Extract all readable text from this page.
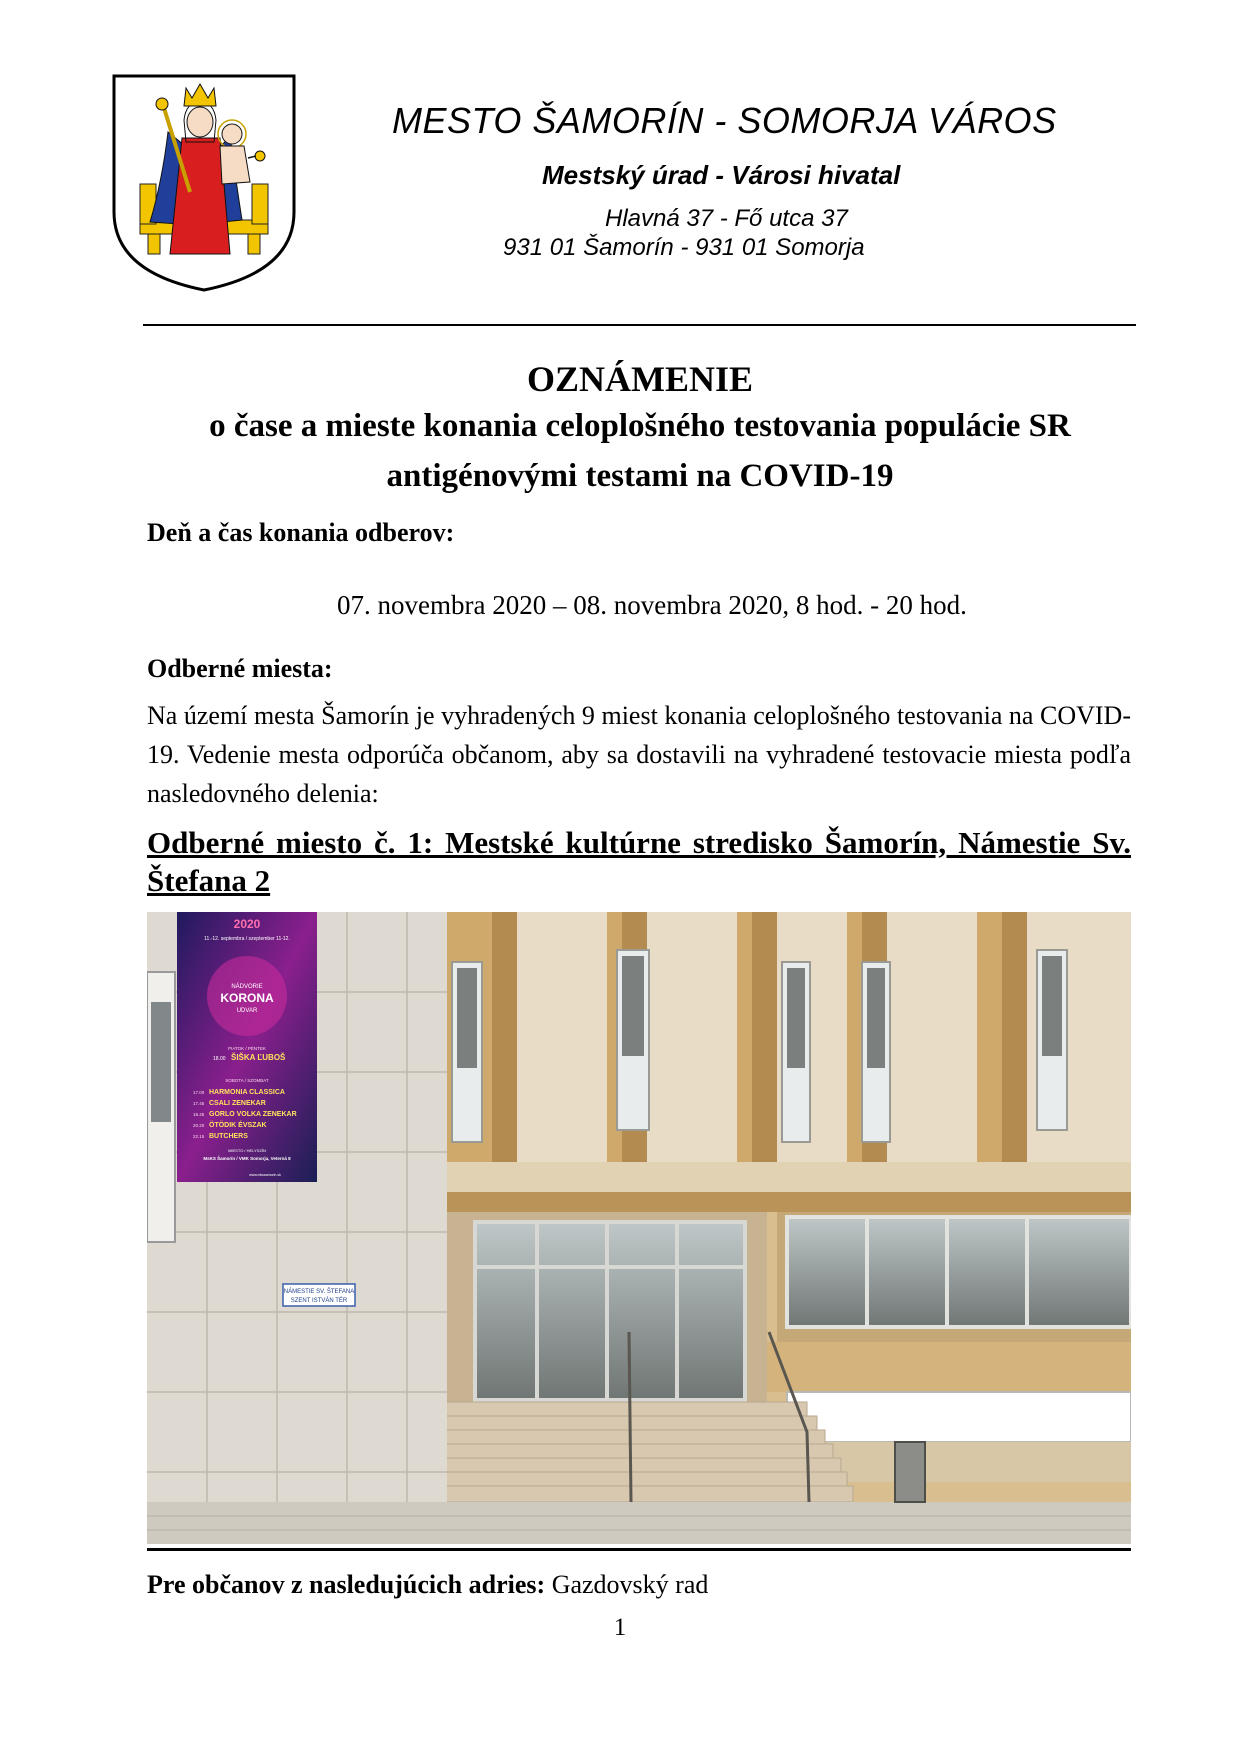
MESTO ŠAMORÍN - SOMORJA VÁROS
Mestský úrad - Városi hivatal
Hlavná 37 - Fő utca 37
931 01 Šamorín - 931 01 Somorja
OZNÁMENIE
o čase a mieste konania celoplošného testovania populácie SR
antigénovými testami na COVID-19
Deň a čas konania odberov:
07. novembra 2020 – 08. novembra 2020, 8 hod. - 20 hod.
Odberné miesta:
Na území mesta Šamorín je vyhradených 9 miest konania celoplošného testovania na COVID-19. Vedenie mesta odporúča občanom, aby sa dostavili na vyhradené testovacie miesta podľa nasledovného delenia:
Odberné miesto č. 1: Mestské kultúrne stredisko Šamorín, Námestie Sv. Štefana 2
NÁMESTIE SV. ŠTEFANA
SZENT ISTVÁN TÉR
2020
11.-12. septembra / szeptember 11-12.
NÁDVORIE
KORONA
UDVAR
PIATOK / PÉNTEK
18.00 ŠIŠKA ĽUBOŠ
SOBOTA / SZOMBAT
17.00 HARMONIA CLASSICA
17.45 CSALI ZENEKAR
18.45 GORLO VOLKA ZENEKAR
20.20 ÖTÖDIK ÉVSZAK
22.15 BUTCHERS
MIESTO / HELYSZÍN
MsKS Šamorín / VMK Somorja, Veterná 8
www.mkssamorin.sk
Pre občanov z nasledujúcich adries: Gazdovský rad
1
